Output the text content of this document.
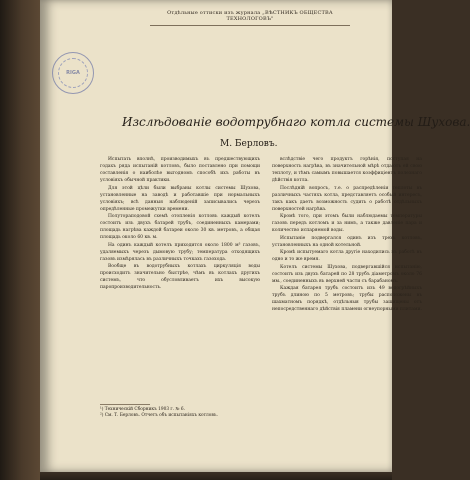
Отдѣльные оттиски изъ журнала „ВѢСТНИКЪ ОБЩЕСТВА ТЕХНОЛОГОВЪ"
RIGA
Изслѣдованіе водотрубнаго котла системы Шухова.
М. Берловъ.

Испытать вполнѣ, производимыхъ въ предшествующихъ годахъ ряда испытаній котловъ, было поставлено при помощи составленія о наиболѣе выгодномъ способѣ ихъ работы въ условіяхъ обычной практики.

Для этой цѣли были выбраны котлы системы Шухова, установленные на заводѣ и работавшіе при нормальныхъ условіяхъ; всѣ данныя наблюденій записывались черезъ опредѣленные промежутки времени.

Полутораподовой схемѣ отопленія котловъ каждый котелъ состоитъ изъ двухъ батарей трубъ, соединенныхъ камерами; площадь нагрѣва каждой батареи около 30 кв. метровъ, а общая площадь около 60 кв. м.

На одинъ каждый котелъ приходится около 1800 м³ газовъ, удаляемыхъ черезъ дымовую трубу; температура отходящихъ газовъ измѣрялась въ различныхъ точкахъ газохода.

Вообще въ водотрубныхъ котлахъ циркуляція воды происходитъ значительно быстрѣе, чѣмъ въ котлахъ другихъ системъ, что обусловливаетъ ихъ высокую паропроизводительность.

вслѣдствіе чего продуктъ горѣнія, поступая на поверхность нагрѣва, въ значительной мѣрѣ отдаютъ ей свою теплоту, и тѣмъ самымъ повышается коэффиціентъ полезнаго дѣйствія котла.

Послѣдній вопросъ, т.е. о распредѣленіи теплоты въ различныхъ частяхъ котла, представляетъ особый интересъ, такъ какъ даетъ возможность судить о работѣ отдѣльныхъ поверхностей нагрѣва.

Кромѣ того, при этомъ были наблюдаемы температуры газовъ передъ котломъ и за нимъ, а также давленіе пара и количество испаряемой воды.

Испытаніе подвергался одинъ изъ трехъ котловъ, установленныхъ на одной котельной.

Кромѣ испытуемаго котла другіе находились въ работѣ въ одно и то же время.

Котелъ системы Шухова, подвергавшійся испытанію, состоитъ изъ двухъ батарей по 28 трубъ діаметромъ около 76 мм., соединенныхъ въ верхней части съ барабаномъ.

Каждая батарея трубъ состоитъ изъ 49 водогрѣйныхъ трубъ длиною по 5 метровъ; трубы расположены въ шахматномъ порядкѣ, отдѣльныя трубы защищены отъ непосредственнаго дѣйствія пламени огнеупорными плитами.

¹) Техническій Сборникъ 1903 г. № 6.
²) См. Т. Берловъ. Отчетъ объ испытаніяхъ котловъ.
